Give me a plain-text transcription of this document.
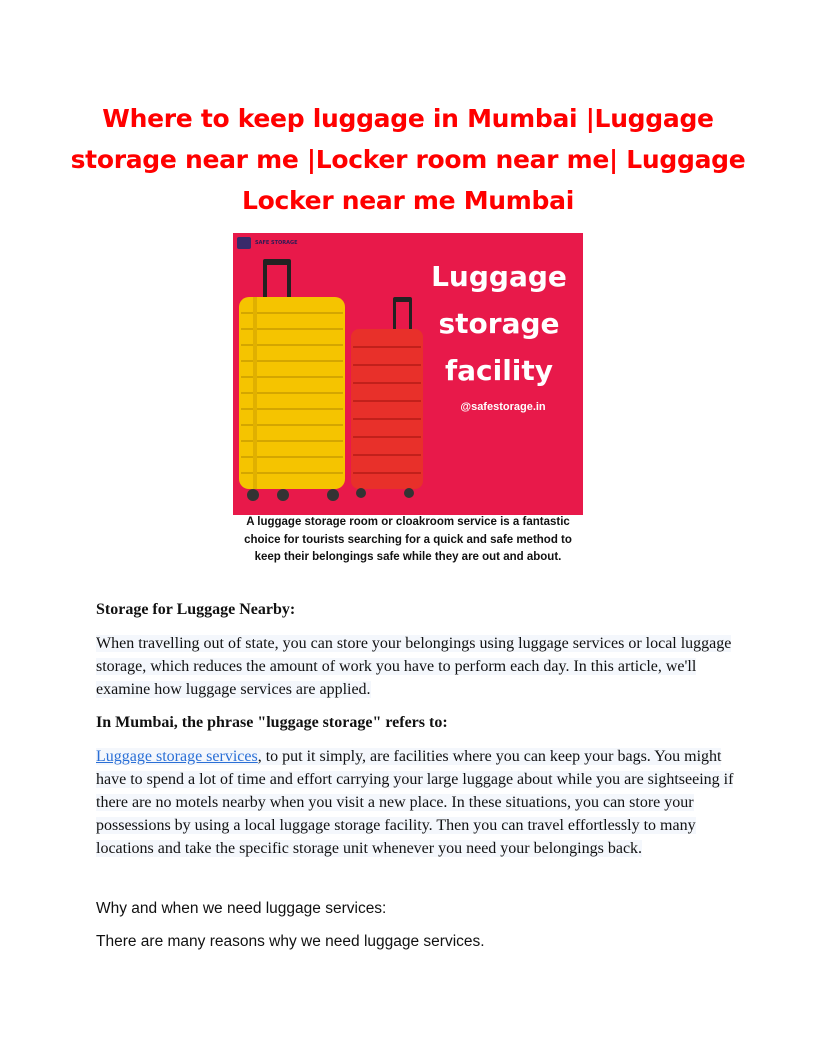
Where to keep luggage in Mumbai |Luggage storage near me |Locker room near me| Luggage Locker near me Mumbai
SAFE STORAGE
Luggage
storage
facility
@safestorage.in
A luggage storage room or cloakroom service is a fantastic choice for tourists searching for a quick and safe method to keep their belongings safe while they are out and about.
Storage for Luggage Nearby:
When travelling out of state, you can store your belongings using luggage services or local luggage storage, which reduces the amount of work you have to perform each day. In this article, we'll examine how luggage services are applied.
In Mumbai, the phrase "luggage storage" refers to:
Luggage storage services, to put it simply, are facilities where you can keep your bags. You might have to spend a lot of time and effort carrying your large luggage about while you are sightseeing if there are no motels nearby when you visit a new place. In these situations, you can store your possessions by using a local luggage storage facility. Then you can travel effortlessly to many locations and take the specific storage unit whenever you need your belongings back.
Why and when we need luggage services:
There are many reasons why we need luggage services.
